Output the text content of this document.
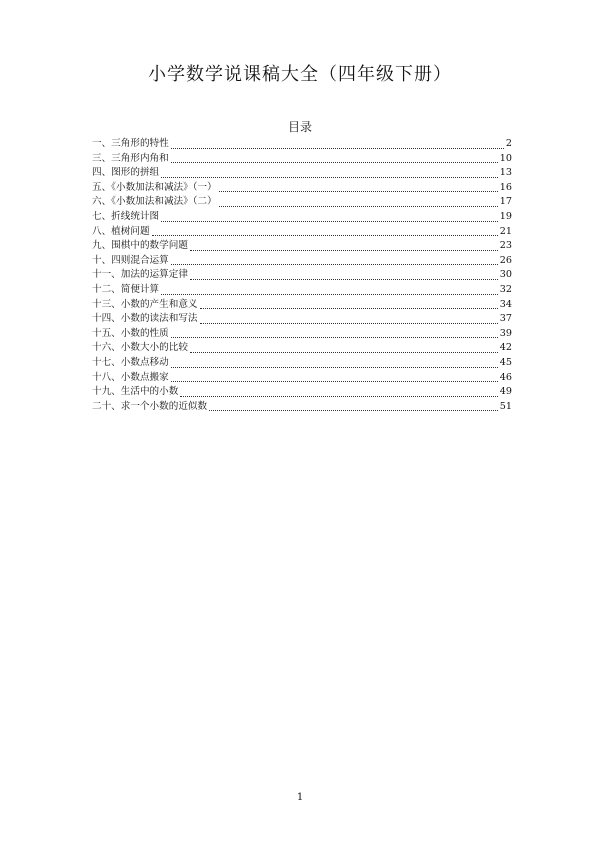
小学数学说课稿大全（四年级下册）
目录
一、三角形的特性	2
三、三角形内角和	10
四、图形的拼组	13
五、《小数加法和减法》（一）	16
六、《小数加法和减法》（二）	17
七、折线统计图	19
八、植树问题	21
九、围棋中的数学问题	23
十、四则混合运算	26
十一、加法的运算定律	30
十二、简便计算	32
十三、小数的产生和意义	34
十四、小数的读法和写法	37
十五、小数的性质	39
十六、小数大小的比较	42
十七、小数点移动	45
十八、小数点搬家	46
十九、生活中的小数	49
二十、求一个小数的近似数	51
1
